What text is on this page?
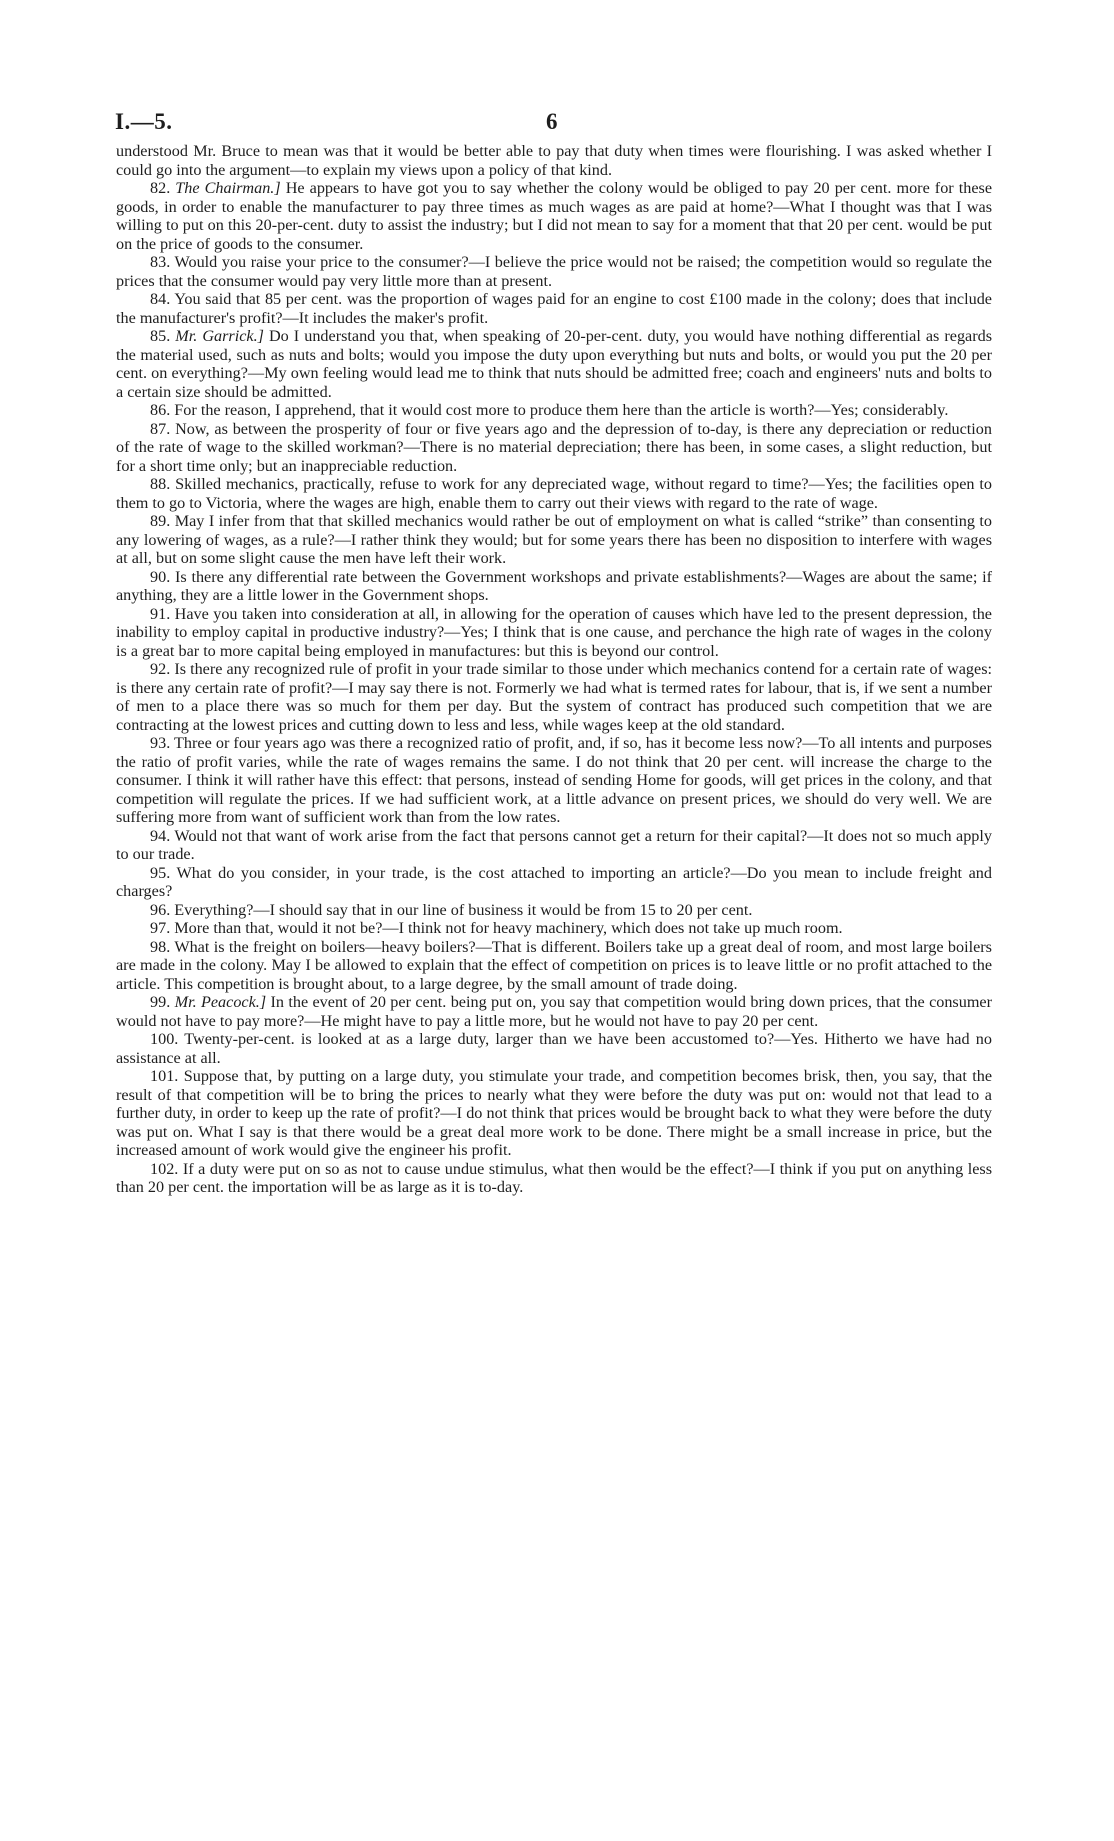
I.—5.	6

understood Mr. Bruce to mean was that it would be better able to pay that duty when times were flourishing. I was asked whether I could go into the argument—to explain my views upon a policy of that kind.

82. The Chairman.] He appears to have got you to say whether the colony would be obliged to pay 20 per cent. more for these goods, in order to enable the manufacturer to pay three times as much wages as are paid at home?—What I thought was that I was willing to put on this 20-per-cent. duty to assist the industry; but I did not mean to say for a moment that that 20 per cent. would be put on the price of goods to the consumer.

83. Would you raise your price to the consumer?—I believe the price would not be raised; the competition would so regulate the prices that the consumer would pay very little more than at present.

84. You said that 85 per cent. was the proportion of wages paid for an engine to cost £100 made in the colony; does that include the manufacturer's profit?—It includes the maker's profit.

85. Mr. Garrick.] Do I understand you that, when speaking of 20-per-cent. duty, you would have nothing differential as regards the material used, such as nuts and bolts; would you impose the duty upon everything but nuts and bolts, or would you put the 20 per cent. on everything?—My own feeling would lead me to think that nuts should be admitted free; coach and engineers' nuts and bolts to a certain size should be admitted.

86. For the reason, I apprehend, that it would cost more to produce them here than the article is worth?—Yes; considerably.

87. Now, as between the prosperity of four or five years ago and the depression of to-day, is there any depreciation or reduction of the rate of wage to the skilled workman?—There is no material depreciation; there has been, in some cases, a slight reduction, but for a short time only; but an inappreciable reduction.

88. Skilled mechanics, practically, refuse to work for any depreciated wage, without regard to time?—Yes; the facilities open to them to go to Victoria, where the wages are high, enable them to carry out their views with regard to the rate of wage.

89. May I infer from that that skilled mechanics would rather be out of employment on what is called “strike” than consenting to any lowering of wages, as a rule?—I rather think they would; but for some years there has been no disposition to interfere with wages at all, but on some slight cause the men have left their work.

90. Is there any differential rate between the Government workshops and private establishments?—Wages are about the same; if anything, they are a little lower in the Government shops.

91. Have you taken into consideration at all, in allowing for the operation of causes which have led to the present depression, the inability to employ capital in productive industry?—Yes; I think that is one cause, and perchance the high rate of wages in the colony is a great bar to more capital being employed in manufactures: but this is beyond our control.

92. Is there any recognized rule of profit in your trade similar to those under which mechanics contend for a certain rate of wages: is there any certain rate of profit?—I may say there is not. Formerly we had what is termed rates for labour, that is, if we sent a number of men to a place there was so much for them per day. But the system of contract has produced such competition that we are contracting at the lowest prices and cutting down to less and less, while wages keep at the old standard.

93. Three or four years ago was there a recognized ratio of profit, and, if so, has it become less now?—To all intents and purposes the ratio of profit varies, while the rate of wages remains the same. I do not think that 20 per cent. will increase the charge to the consumer. I think it will rather have this effect: that persons, instead of sending Home for goods, will get prices in the colony, and that competition will regulate the prices. If we had sufficient work, at a little advance on present prices, we should do very well. We are suffering more from want of sufficient work than from the low rates.

94. Would not that want of work arise from the fact that persons cannot get a return for their capital?—It does not so much apply to our trade.

95. What do you consider, in your trade, is the cost attached to importing an article?—Do you mean to include freight and charges?

96. Everything?—I should say that in our line of business it would be from 15 to 20 per cent.

97. More than that, would it not be?—I think not for heavy machinery, which does not take up much room.

98. What is the freight on boilers—heavy boilers?—That is different. Boilers take up a great deal of room, and most large boilers are made in the colony. May I be allowed to explain that the effect of competition on prices is to leave little or no profit attached to the article. This competition is brought about, to a large degree, by the small amount of trade doing.

99. Mr. Peacock.] In the event of 20 per cent. being put on, you say that competition would bring down prices, that the consumer would not have to pay more?—He might have to pay a little more, but he would not have to pay 20 per cent.

100. Twenty-per-cent. is looked at as a large duty, larger than we have been accustomed to?—Yes. Hitherto we have had no assistance at all.

101. Suppose that, by putting on a large duty, you stimulate your trade, and competition becomes brisk, then, you say, that the result of that competition will be to bring the prices to nearly what they were before the duty was put on: would not that lead to a further duty, in order to keep up the rate of profit?—I do not think that prices would be brought back to what they were before the duty was put on. What I say is that there would be a great deal more work to be done. There might be a small increase in price, but the increased amount of work would give the engineer his profit.

102. If a duty were put on so as not to cause undue stimulus, what then would be the effect?—I think if you put on anything less than 20 per cent. the importation will be as large as it is to-day.
